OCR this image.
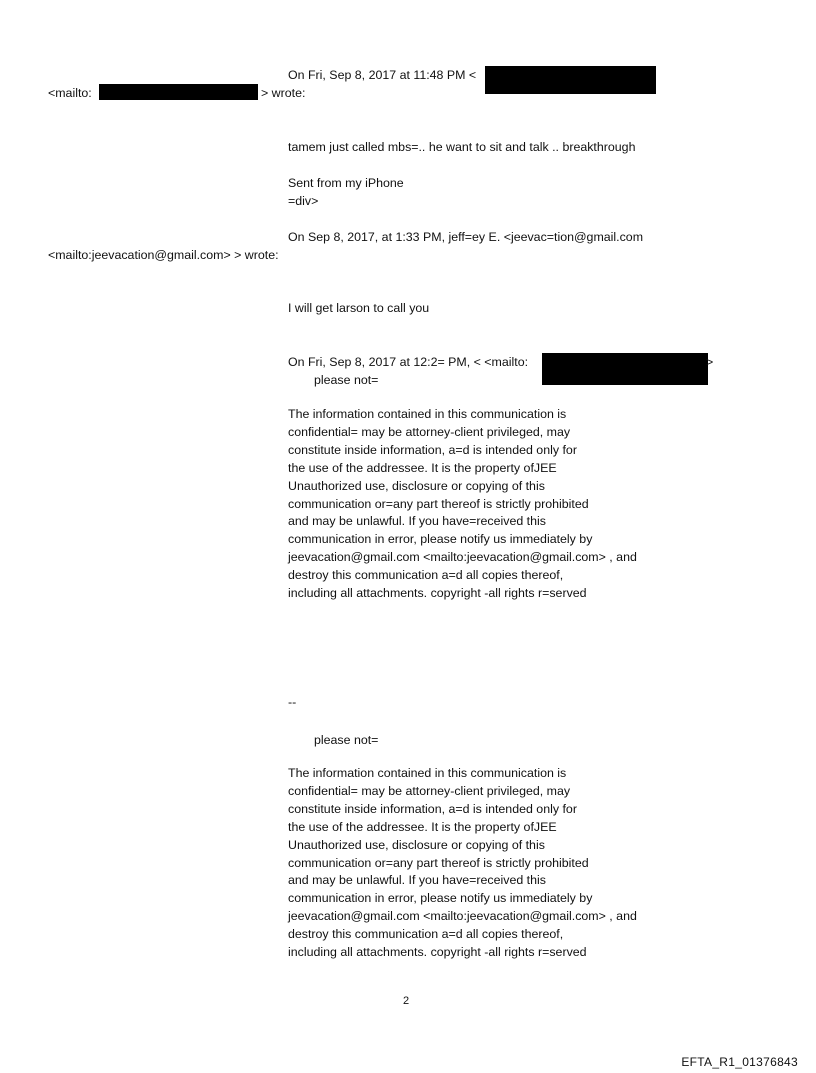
On Fri, Sep 8, 2017 at 11:48 PM <

<mailto:	> wrote:

tamem just called mbs=.. he want to sit and talk .. breakthrough

Sent from my iPhone

=div>

On Sep 8, 2017, at 1:33 PM, jeff=ey E. <jeevac=tion@gmail.com

<mailto:jeevacation@gmail.com> > wrote:

I will get larson to call you

On Fri, Sep 8, 2017 at 12:2= PM, < <mailto:	>

please not=

The information contained in this communication is
confidential= may be attorney-client privileged, may
constitute inside information, a=d is intended only for
the use of the addressee. It is the property ofJEE
Unauthorized use, disclosure or copying of this
communication or=any part thereof is strictly prohibited
and may be unlawful. If you have=received this
communication in error, please notify us immediately by
jeevacation@gmail.com <mailto:jeevacation@gmail.com> , and
destroy this communication a=d all copies thereof,
including all attachments. copyright -all rights r=served

--

please not=

The information contained in this communication is
confidential= may be attorney-client privileged, may
constitute inside information, a=d is intended only for
the use of the addressee. It is the property ofJEE
Unauthorized use, disclosure or copying of this
communication or=any part thereof is strictly prohibited
and may be unlawful. If you have=received this
communication in error, please notify us immediately by
jeevacation@gmail.com <mailto:jeevacation@gmail.com> , and
destroy this communication a=d all copies thereof,
including all attachments. copyright -all rights r=served
2
EFTA_R1_01376843
